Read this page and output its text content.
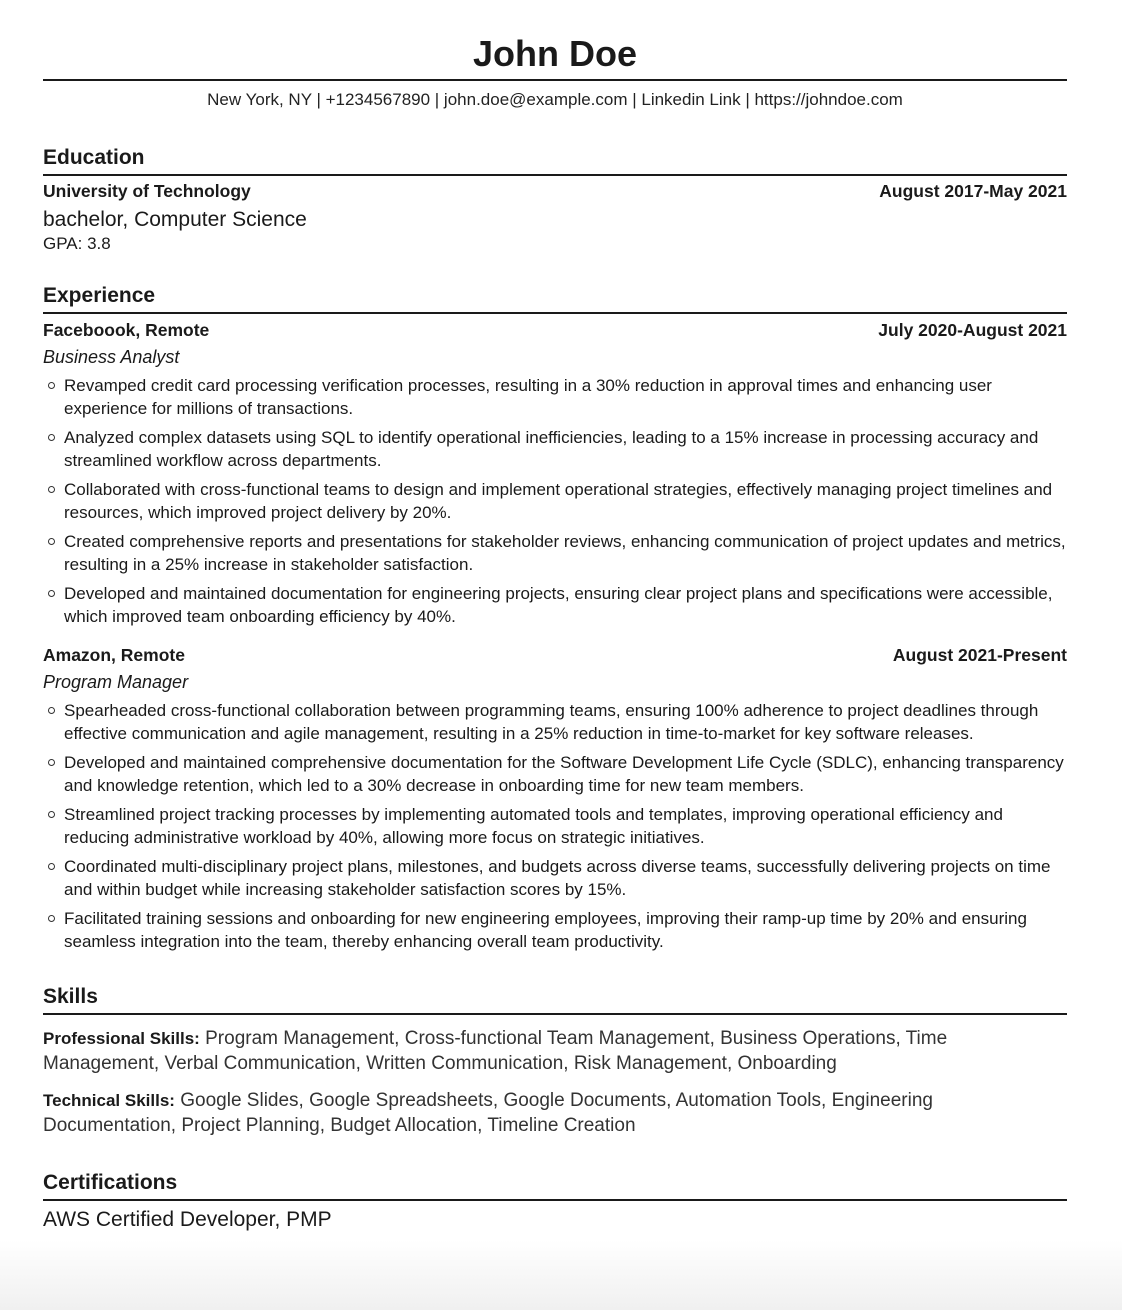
John Doe
New York, NY | +1234567890 | john.doe@example.com | Linkedin Link | https://johndoe.com
Education
University of Technology	August 2017-May 2021
bachelor, Computer Science
GPA: 3.8
Experience
Faceboook, Remote	July 2020-August 2021
Business Analyst
Revamped credit card processing verification processes, resulting in a 30% reduction in approval times and enhancing user experience for millions of transactions.
Analyzed complex datasets using SQL to identify operational inefficiencies, leading to a 15% increase in processing accuracy and streamlined workflow across departments.
Collaborated with cross-functional teams to design and implement operational strategies, effectively managing project timelines and resources, which improved project delivery by 20%.
Created comprehensive reports and presentations for stakeholder reviews, enhancing communication of project updates and metrics, resulting in a 25% increase in stakeholder satisfaction.
Developed and maintained documentation for engineering projects, ensuring clear project plans and specifications were accessible, which improved team onboarding efficiency by 40%.
Amazon, Remote	August 2021-Present
Program Manager
Spearheaded cross-functional collaboration between programming teams, ensuring 100% adherence to project deadlines through effective communication and agile management, resulting in a 25% reduction in time-to-market for key software releases.
Developed and maintained comprehensive documentation for the Software Development Life Cycle (SDLC), enhancing transparency and knowledge retention, which led to a 30% decrease in onboarding time for new team members.
Streamlined project tracking processes by implementing automated tools and templates, improving operational efficiency and reducing administrative workload by 40%, allowing more focus on strategic initiatives.
Coordinated multi-disciplinary project plans, milestones, and budgets across diverse teams, successfully delivering projects on time and within budget while increasing stakeholder satisfaction scores by 15%.
Facilitated training sessions and onboarding for new engineering employees, improving their ramp-up time by 20% and ensuring seamless integration into the team, thereby enhancing overall team productivity.
Skills
Professional Skills: Program Management, Cross-functional Team Management, Business Operations, Time Management, Verbal Communication, Written Communication, Risk Management, Onboarding
Technical Skills: Google Slides, Google Spreadsheets, Google Documents, Automation Tools, Engineering Documentation, Project Planning, Budget Allocation, Timeline Creation
Certifications
AWS Certified Developer, PMP
